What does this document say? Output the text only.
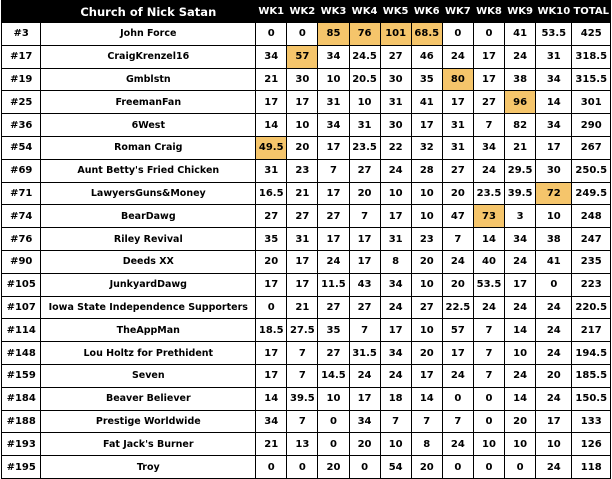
	Church of Nick Satan	WK1	WK2	WK3	WK4	WK5	WK6	WK7	WK8	WK9	WK10	TOTAL
#3	John Force	0	0	85	76	101	68.5	0	0	41	53.5	425
#17	CraigKrenzel16	34	57	34	24.5	27	46	24	17	24	31	318.5
#19	Gmblstn	21	30	10	20.5	30	35	80	17	38	34	315.5
#25	FreemanFan	17	17	31	10	31	41	17	27	96	14	301
#36	6West	14	10	34	31	30	17	31	7	82	34	290
#54	Roman Craig	49.5	20	17	23.5	22	32	31	34	21	17	267
#69	Aunt Betty's Fried Chicken	31	23	7	27	24	28	27	24	29.5	30	250.5
#71	LawyersGuns&Money	16.5	21	17	20	10	10	20	23.5	39.5	72	249.5
#74	BearDawg	27	27	27	7	17	10	47	73	3	10	248
#76	Riley Revival	35	31	17	17	31	23	7	14	34	38	247
#90	Deeds XX	20	17	24	17	8	20	24	40	24	41	235
#105	JunkyardDawg	17	17	11.5	43	34	10	20	53.5	17	0	223
#107	Iowa State Independence Supporters	0	21	27	27	24	27	22.5	24	24	24	220.5
#114	TheAppMan	18.5	27.5	35	7	17	10	57	7	14	24	217
#148	Lou Holtz for Prethident	17	7	27	31.5	34	20	17	7	10	24	194.5
#159	Seven	17	7	14.5	24	24	17	24	7	24	20	185.5
#184	Beaver Believer	14	39.5	10	17	18	14	0	0	14	24	150.5
#188	Prestige Worldwide	34	7	0	34	7	7	7	0	20	17	133
#193	Fat Jack's Burner	21	13	0	20	10	8	24	10	10	10	126
#195	Troy	0	0	20	0	54	20	0	0	0	24	118
